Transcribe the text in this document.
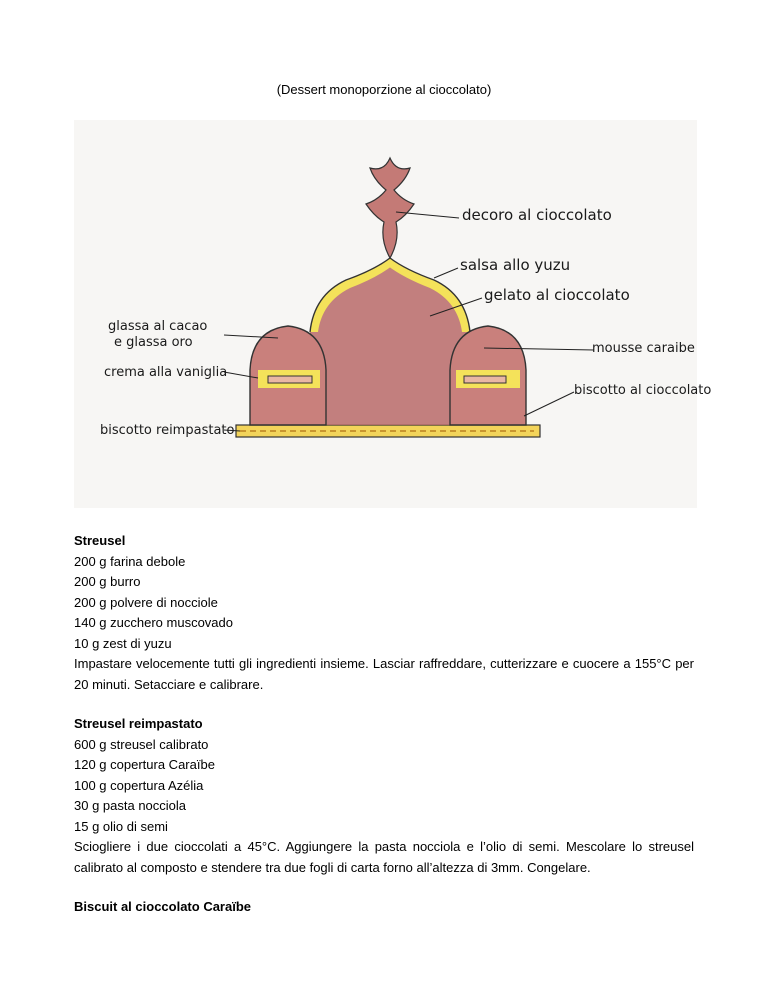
(Dessert monoporzione al cioccolato)
decoro al cioccolato
salsa allo yuzu
gelato al cioccolato
glassa al cacao
e glassa oro	mousse caraibe
crema alla vaniglia
biscotto al cioccolato
biscotto reimpastato

Streusel

200 g farina debole

200 g burro

200 g polvere di nocciole

140 g zucchero muscovado

10 g zest di yuzu

Impastare velocemente tutti gli ingredienti insieme. Lasciar raffreddare, cutterizzare e cuocere a 155°C per 20 minuti. Setacciare e calibrare.

Streusel reimpastato

600 g streusel calibrato

120 g copertura Caraïbe

100 g copertura Azélia

30 g pasta nocciola

15 g olio di semi

Sciogliere i due cioccolati a 45°C. Aggiungere la pasta nocciola e l’olio di semi. Mescolare lo streusel calibrato al composto e stendere tra due fogli di carta forno all’altezza di 3mm. Congelare.

Biscuit al cioccolato Caraïbe
